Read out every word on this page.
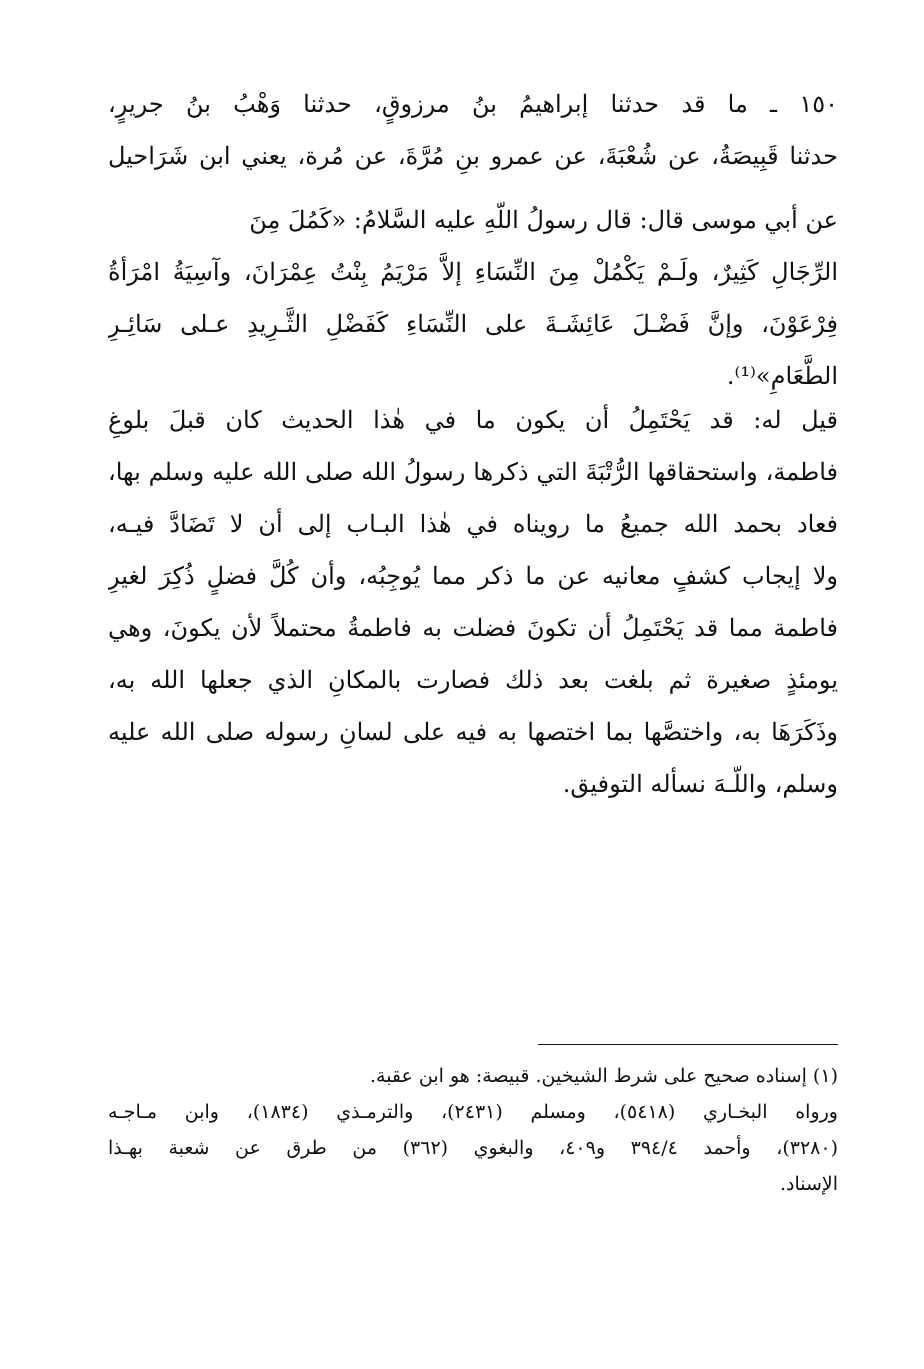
١٥٠ ـ ما قد حدثنا إبراهيمُ بنُ مرزوقٍ، حدثنا وَهْبُ بنُ جريرٍ،
حدثنا قَبِيصَةُ، عن شُعْبَةَ، عن عمرو بنِ مُرَّةَ، عن مُرة، يعني ابن شَرَاحيل
عن أبي موسى قال: قال رسولُ اللّهِ عليه السَّلامُ: «كَمُلَ مِنَ
الرِّجَالِ كَثِيرٌ، ولَـمْ يَكْمُلْ مِنَ النِّسَاءِ إلاَّ مَرْيَمُ بِنْتُ عِمْرَانَ، وآسِيَةُ امْرَأةُ
فِرْعَوْنَ، وإنَّ فَضْـلَ عَائِشَـةَ على النِّسَاءِ كَفَضْلِ الثَّـرِيدِ عـلى سَائِـرِ
الطَّعَامِ»⁽¹⁾.
قيل له: قد يَحْتَمِلُ أن يكون ما في هٰذا الحديث كان قبلَ بلوغِ
فاطمة، واستحقاقها الرُّتْبَةَ التي ذكرها رسولُ الله صلى الله عليه وسلم بها،
فعاد بحمد الله جميعُ ما رويناه في هٰذا البـاب إلى أن لا تَضَادَّ فيـه،
ولا إيجاب كشفٍ معانيه عن ما ذكر مما يُوجِبُه، وأن كُلَّ فضلٍ ذُكِرَ لغيرِ
فاطمة مما قد يَحْتَمِلُ أن تكونَ فضلت به فاطمةُ محتملاً لأن يكونَ، وهي
يومئذٍ صغيرة ثم بلغت بعد ذلك فصارت بالمكانِ الذي جعلها الله به،
وذَكَرَهَا به، واختصَّها بما اختصها به فيه على لسانِ رسوله صلى الله عليه
وسلم، واللّـهَ نسأله التوفيق.
(١) إسناده صحيح على شرط الشيخين. قبيصة: هو ابن عقبة.
ورواه البخـاري (٥٤١٨)، ومسلم (٢٤٣١)، والترمـذي (١٨٣٤)، وابن مـاجـه
(٣٢٨٠)، وأحمد ٣٩٤/٤ و٤٠٩، والبغوي (٣٦٢) من طرق عن شعبة بهـذا
الإسناد.
